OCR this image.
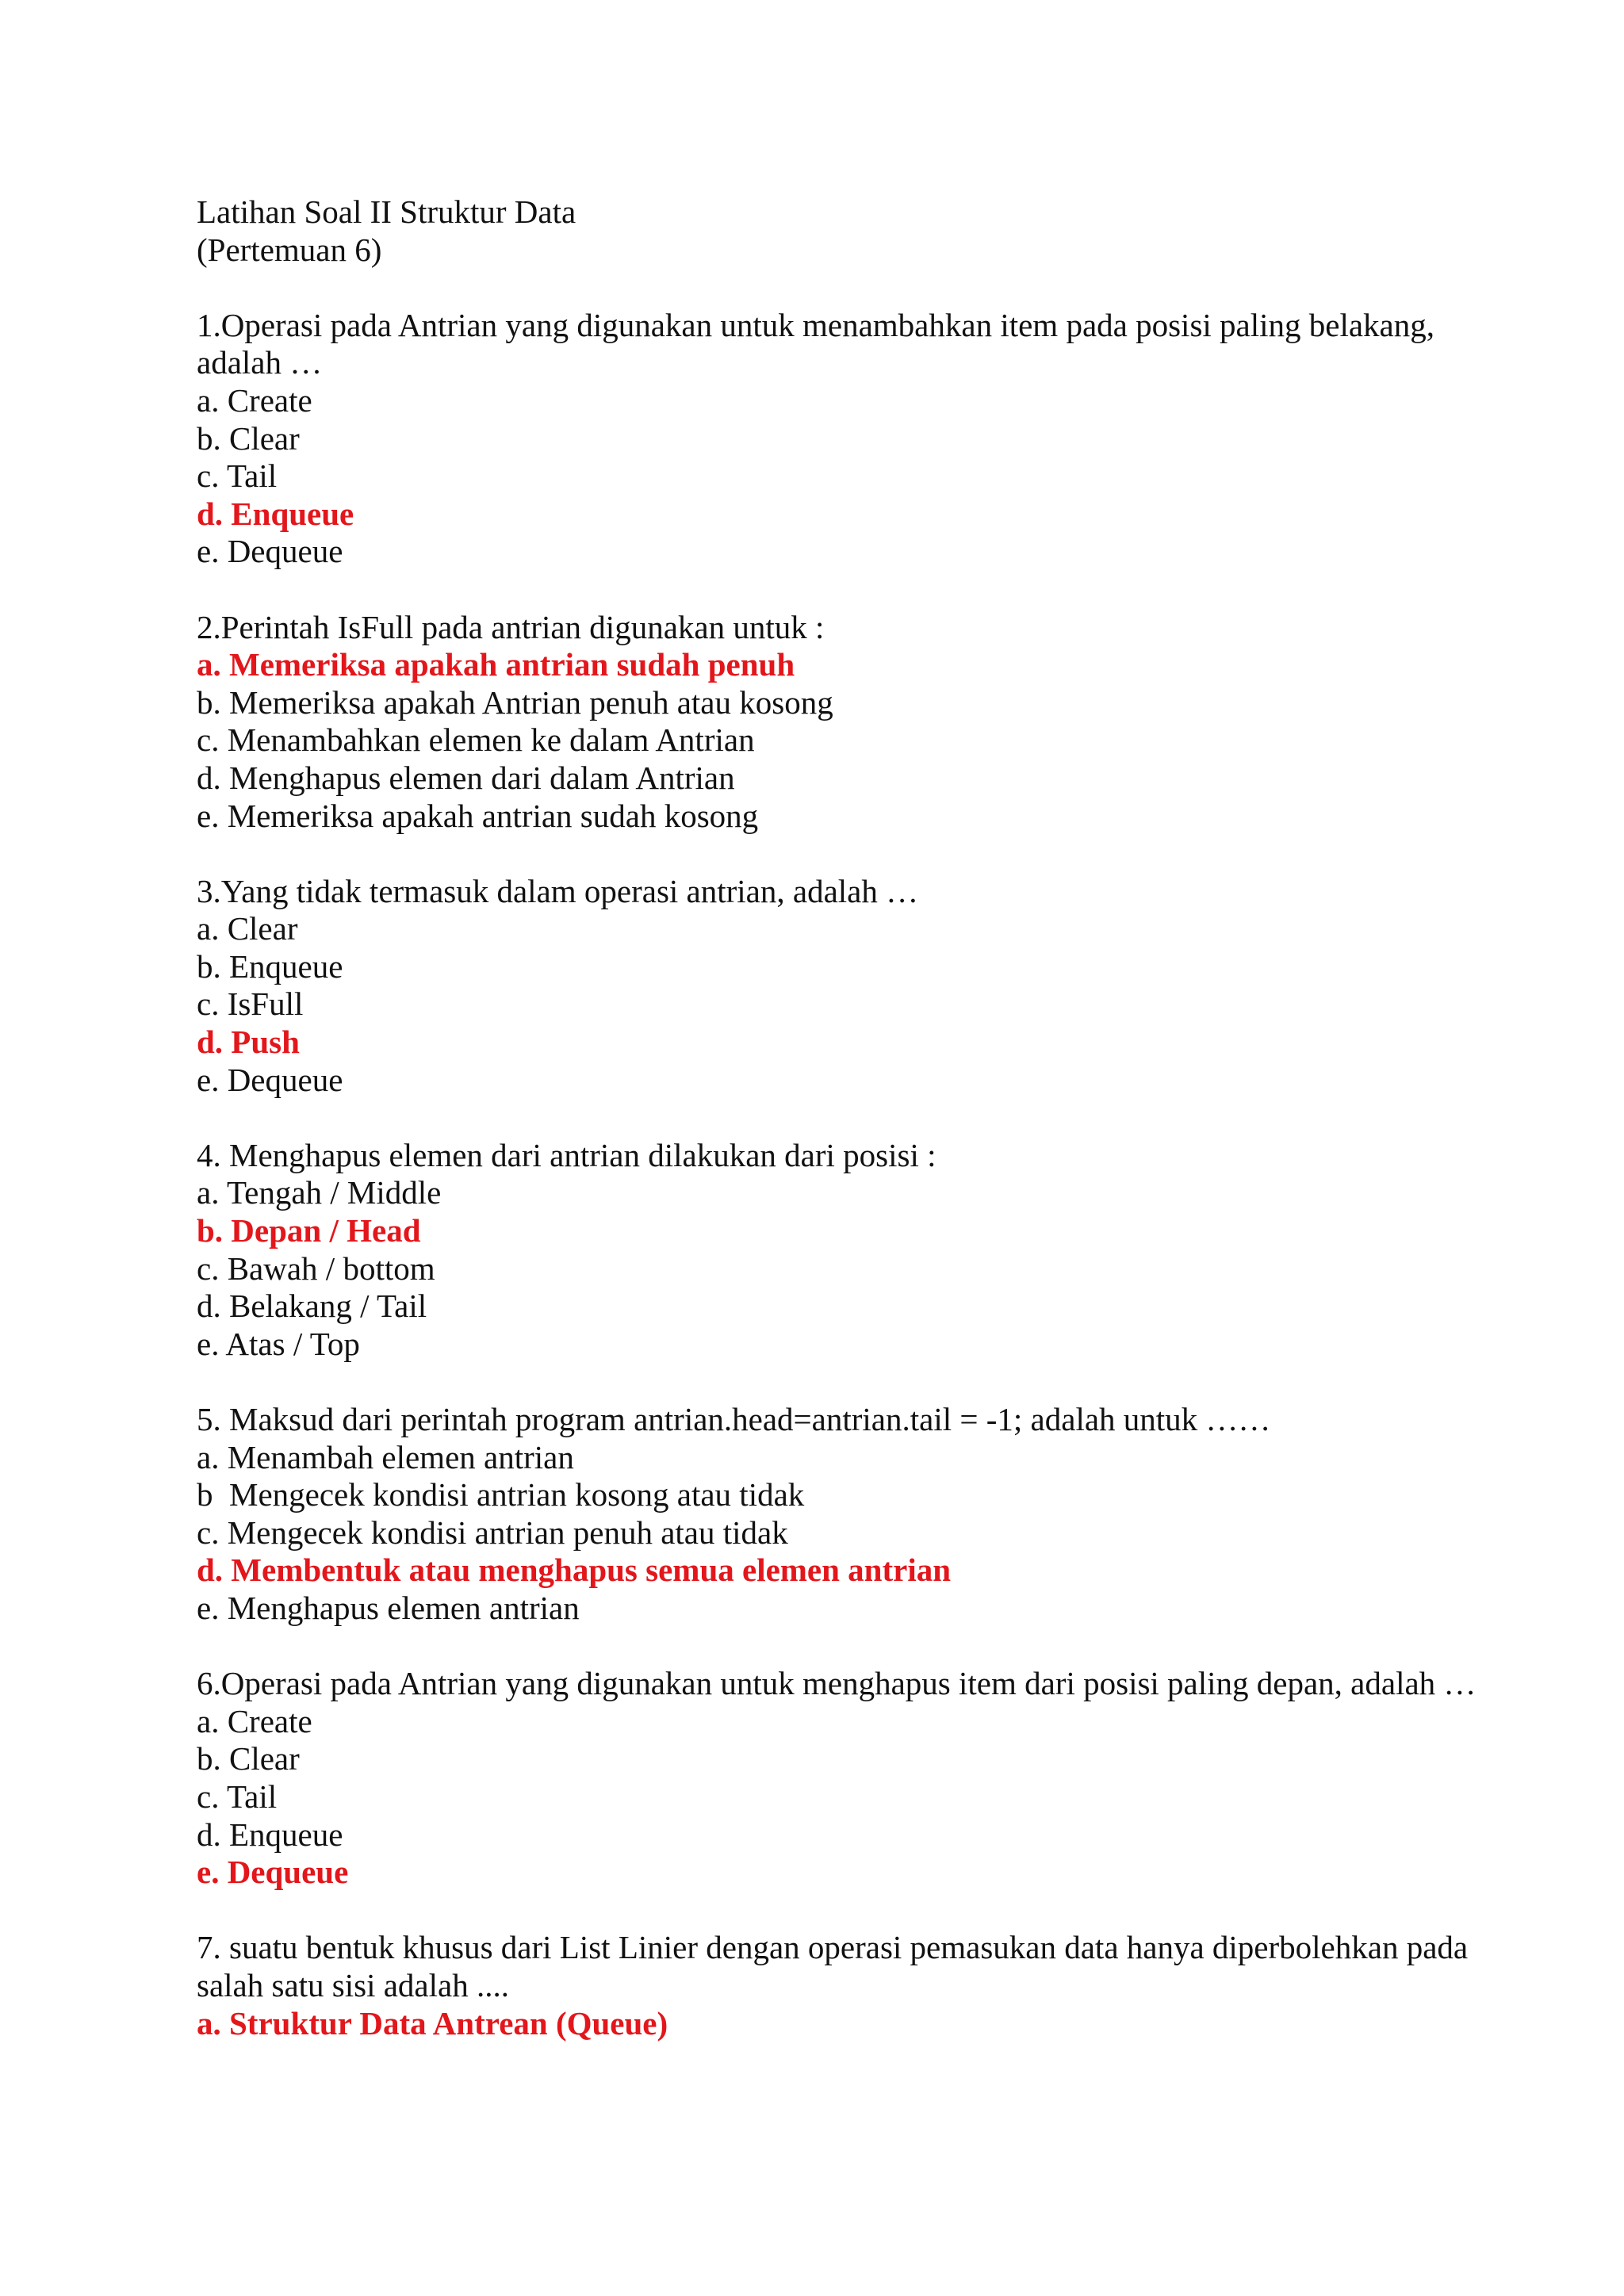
Latihan Soal II Struktur Data
(Pertemuan 6)
1.Operasi pada Antrian yang digunakan untuk menambahkan item pada posisi paling belakang, adalah …
a. Create
b. Clear
c. Tail
d. Enqueue
e. Dequeue
2.Perintah IsFull pada antrian digunakan untuk :
a. Memeriksa apakah antrian sudah penuh
b. Memeriksa apakah Antrian penuh atau kosong
c. Menambahkan elemen ke dalam Antrian
d. Menghapus elemen dari dalam Antrian
e. Memeriksa apakah antrian sudah kosong
3.Yang tidak termasuk dalam operasi antrian, adalah …
a. Clear
b. Enqueue
c. IsFull
d. Push
e. Dequeue
4. Menghapus elemen dari antrian dilakukan dari posisi :
a. Tengah / Middle
b. Depan / Head
c. Bawah / bottom
d. Belakang / Tail
e. Atas / Top
5. Maksud dari perintah program antrian.head=antrian.tail = -1; adalah untuk ……
a. Menambah elemen antrian
b  Mengecek kondisi antrian kosong atau tidak
c. Mengecek kondisi antrian penuh atau tidak
d. Membentuk atau menghapus semua elemen antrian
e. Menghapus elemen antrian
6.Operasi pada Antrian yang digunakan untuk menghapus item dari posisi paling depan, adalah …
a. Create
b. Clear
c. Tail
d. Enqueue
e. Dequeue
7. suatu bentuk khusus dari List Linier dengan operasi pemasukan data hanya diperbolehkan pada salah satu sisi adalah ....
a. Struktur Data Antrean (Queue)
